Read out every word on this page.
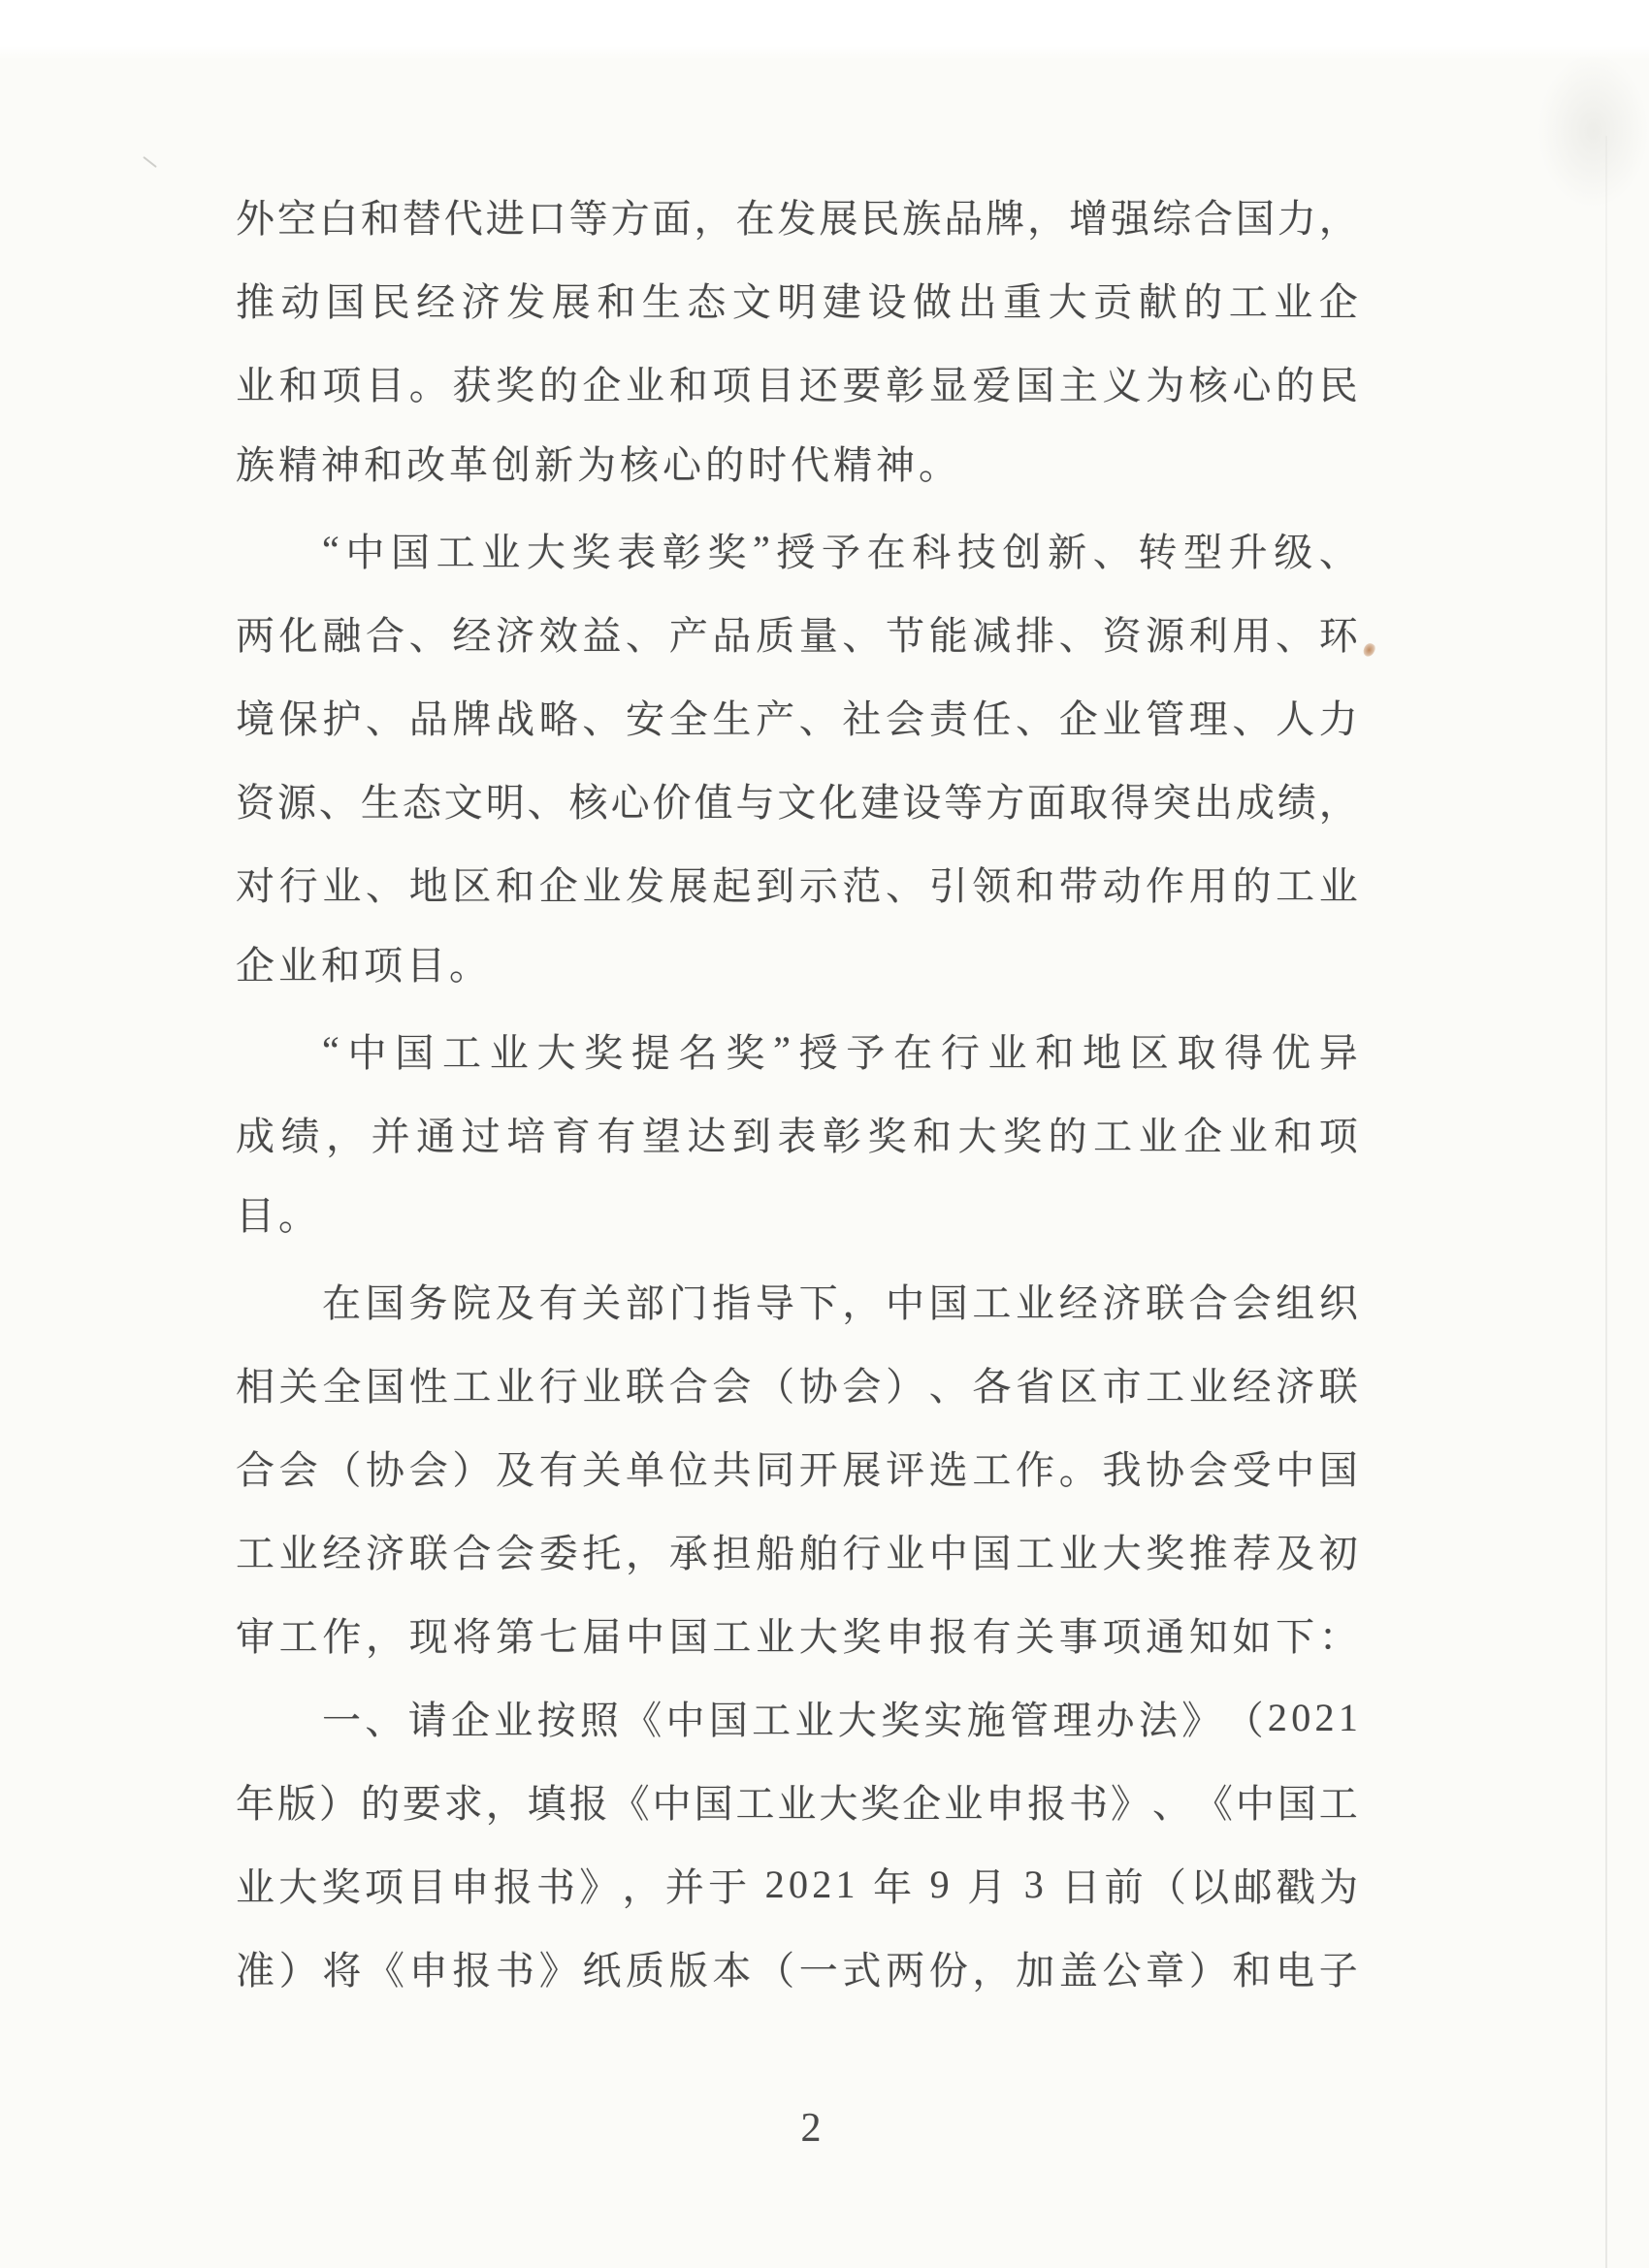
外 空 白 和 替 代 进 口 等 方 面 ， 在 发 展 民 族 品 牌 ， 增 强 综 合 国 力 ，
推 动 国 民 经 济 发 展 和 生 态 文 明 建 设 做 出 重 大 贡 献 的 工 业 企
业 和 项 目 。 获 奖 的 企 业 和 项 目 还 要 彰 显 爱 国 主 义 为 核 心 的 民
族精神和改革创新为核心的时代精神。
“ 中 国 工 业 大 奖 表 彰 奖 ” 授 予 在 科 技 创 新 、 转 型 升 级 、
两 化 融 合 、 经 济 效 益 、 产 品 质 量 、 节 能 减 排 、 资 源 利 用 、 环
境 保 护 、 品 牌 战 略 、 安 全 生 产 、 社 会 责 任 、 企 业 管 理 、 人 力
资 源 、 生 态 文 明 、 核 心 价 值 与 文 化 建 设 等 方 面 取 得 突 出 成 绩 ，
对 行 业 、 地 区 和 企 业 发 展 起 到 示 范 、 引 领 和 带 动 作 用 的 工 业
企业和项目。
“ 中 国 工 业 大 奖 提 名 奖 ” 授 予 在 行 业 和 地 区 取 得 优 异
成 绩 ， 并 通 过 培 育 有 望 达 到 表 彰 奖 和 大 奖 的 工 业 企 业 和 项
目。
在 国 务 院 及 有 关 部 门 指 导 下 ， 中 国 工 业 经 济 联 合 会 组 织
相 关 全 国 性 工 业 行 业 联 合 会 （ 协 会 ） 、 各 省 区 市 工 业 经 济 联
合 会 （ 协 会 ） 及 有 关 单 位 共 同 开 展 评 选 工 作 。 我 协 会 受 中 国
工 业 经 济 联 合 会 委 托 ， 承 担 船 舶 行 业 中 国 工 业 大 奖 推 荐 及 初
审 工 作 ， 现 将 第 七 届 中 国 工 业 大 奖 申 报 有 关 事 项 通 知 如 下 ：
一 、 请 企 业 按 照 《 中 国 工 业 大 奖 实 施 管 理 办 法 》 （ 2 0 2 1
年 版 ） 的 要 求 ， 填 报 《 中 国 工 业 大 奖 企 业 申 报 书 》 、 《 中 国 工
业 大 奖 项 目 申 报 书 》 ， 并 于
2 0 2 1
年
9
月
3
日 前 （ 以 邮 戳 为
准 ） 将 《 申 报 书 》 纸 质 版 本 （ 一 式 两 份 ， 加 盖 公 章 ） 和 电 子
2
